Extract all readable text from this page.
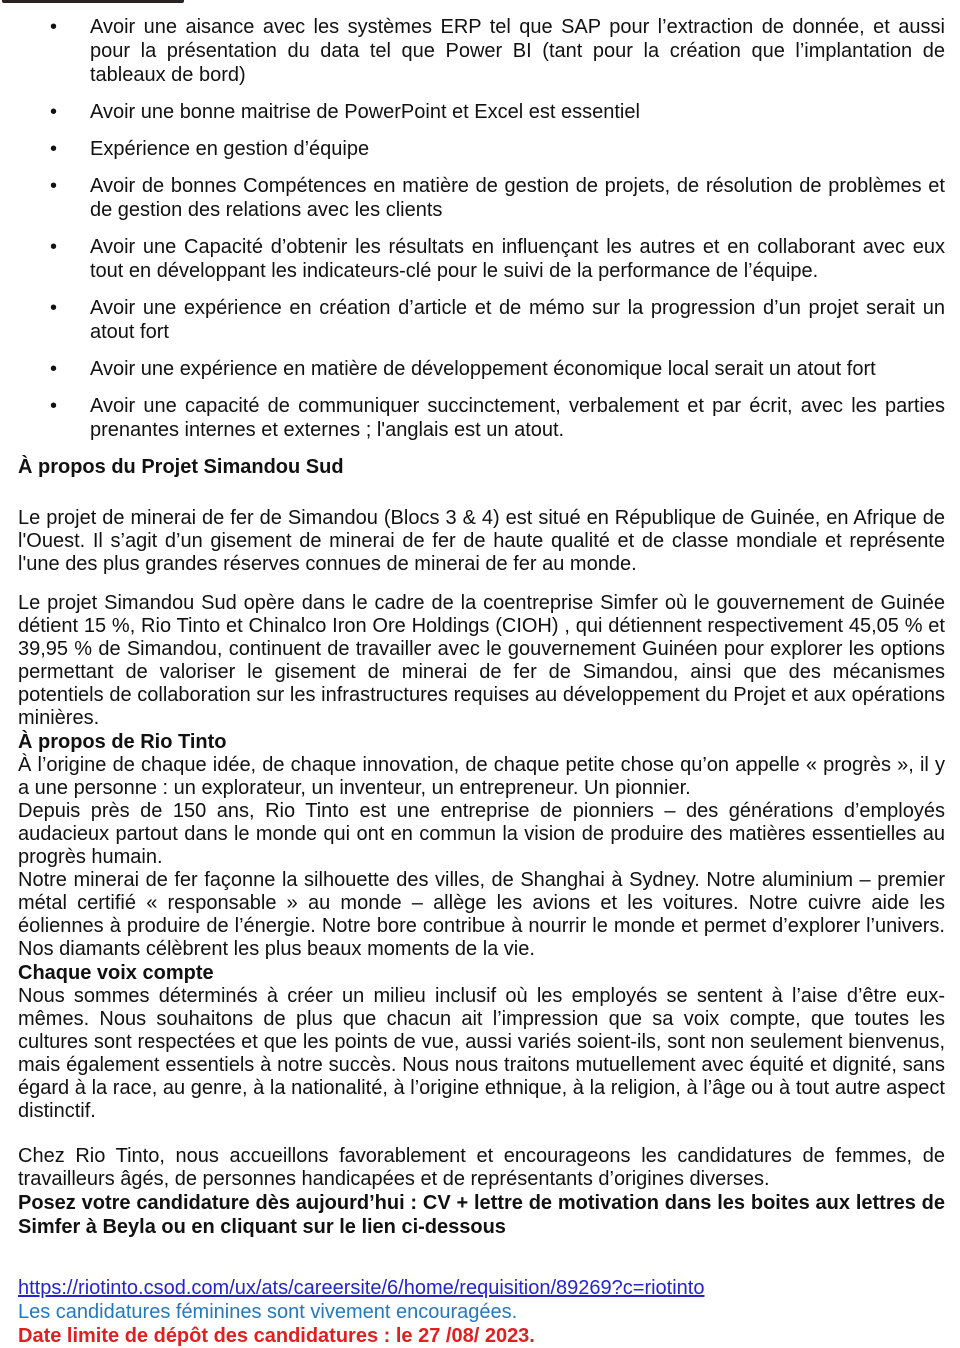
• Avoir une aisance avec les systèmes ERP tel que SAP pour l’extraction de donnée, et aussi pour la présentation du data tel que Power BI (tant pour la création que l’implantation de tableaux de bord)
• Avoir une bonne maitrise de PowerPoint et Excel est essentiel
• Expérience en gestion d’équipe
• Avoir de bonnes Compétences en matière de gestion de projets, de résolution de problèmes et de gestion des relations avec les clients
• Avoir une Capacité d’obtenir les résultats en influençant les autres et en collaborant avec eux tout en développant les indicateurs-clé pour le suivi de la performance de l’équipe.
• Avoir une expérience en création d’article et de mémo sur la progression d’un projet serait un atout fort
• Avoir une expérience en matière de développement économique local serait un atout fort
• Avoir une capacité de communiquer succinctement, verbalement et par écrit, avec les parties prenantes internes et externes ; l'anglais est un atout.
À propos du Projet Simandou Sud

Le projet de minerai de fer de Simandou (Blocs 3 & 4) est situé en République de Guinée, en Afrique de l'Ouest. Il s’agit d’un gisement de minerai de fer de haute qualité et de classe mondiale et représente l'une des plus grandes réserves connues de minerai de fer au monde.

Le projet Simandou Sud opère dans le cadre de la coentreprise Simfer où le gouvernement de Guinée détient 15 %, Rio Tinto et Chinalco Iron Ore Holdings (CIOH) , qui détiennent respectivement 45,05 % et 39,95 % de Simandou, continuent de travailler avec le gouvernement Guinéen pour explorer les options permettant de valoriser le gisement de minerai de fer de Simandou, ainsi que des mécanismes potentiels de collaboration sur les infrastructures requises au développement du Projet et aux opérations minières.

À propos de Rio Tinto

À l’origine de chaque idée, de chaque innovation, de chaque petite chose qu’on appelle « progrès », il y a une personne : un explorateur, un inventeur, un entrepreneur. Un pionnier.

Depuis près de 150 ans, Rio Tinto est une entreprise de pionniers – des générations d’employés audacieux partout dans le monde qui ont en commun la vision de produire des matières essentielles au progrès humain.

Notre minerai de fer façonne la silhouette des villes, de Shanghai à Sydney. Notre aluminium – premier métal certifié « responsable » au monde – allège les avions et les voitures. Notre cuivre aide les éoliennes à produire de l’énergie. Notre bore contribue à nourrir le monde et permet d’explorer l’univers. Nos diamants célèbrent les plus beaux moments de la vie.

Chaque voix compte

Nous sommes déterminés à créer un milieu inclusif où les employés se sentent à l’aise d’être eux-mêmes. Nous souhaitons de plus que chacun ait l’impression que sa voix compte, que toutes les cultures sont respectées et que les points de vue, aussi variés soient-ils, sont non seulement bienvenus, mais également essentiels à notre succès. Nous nous traitons mutuellement avec équité et dignité, sans égard à la race, au genre, à la nationalité, à l’origine ethnique, à la religion, à l’âge ou à tout autre aspect distinctif.

Chez Rio Tinto, nous accueillons favorablement et encourageons les candidatures de femmes, de travailleurs âgés, de personnes handicapées et de représentants d’origines diverses.

Posez votre candidature dès aujourd’hui : CV + lettre de motivation dans les boites aux lettres de Simfer à Beyla ou en cliquant sur le lien ci-dessous

https://riotinto.csod.com/ux/ats/careersite/6/home/requisition/89269?c=riotinto

Les candidatures féminines sont vivement encouragées.

Date limite de dépôt des candidatures : le 27 /08/ 2023.
